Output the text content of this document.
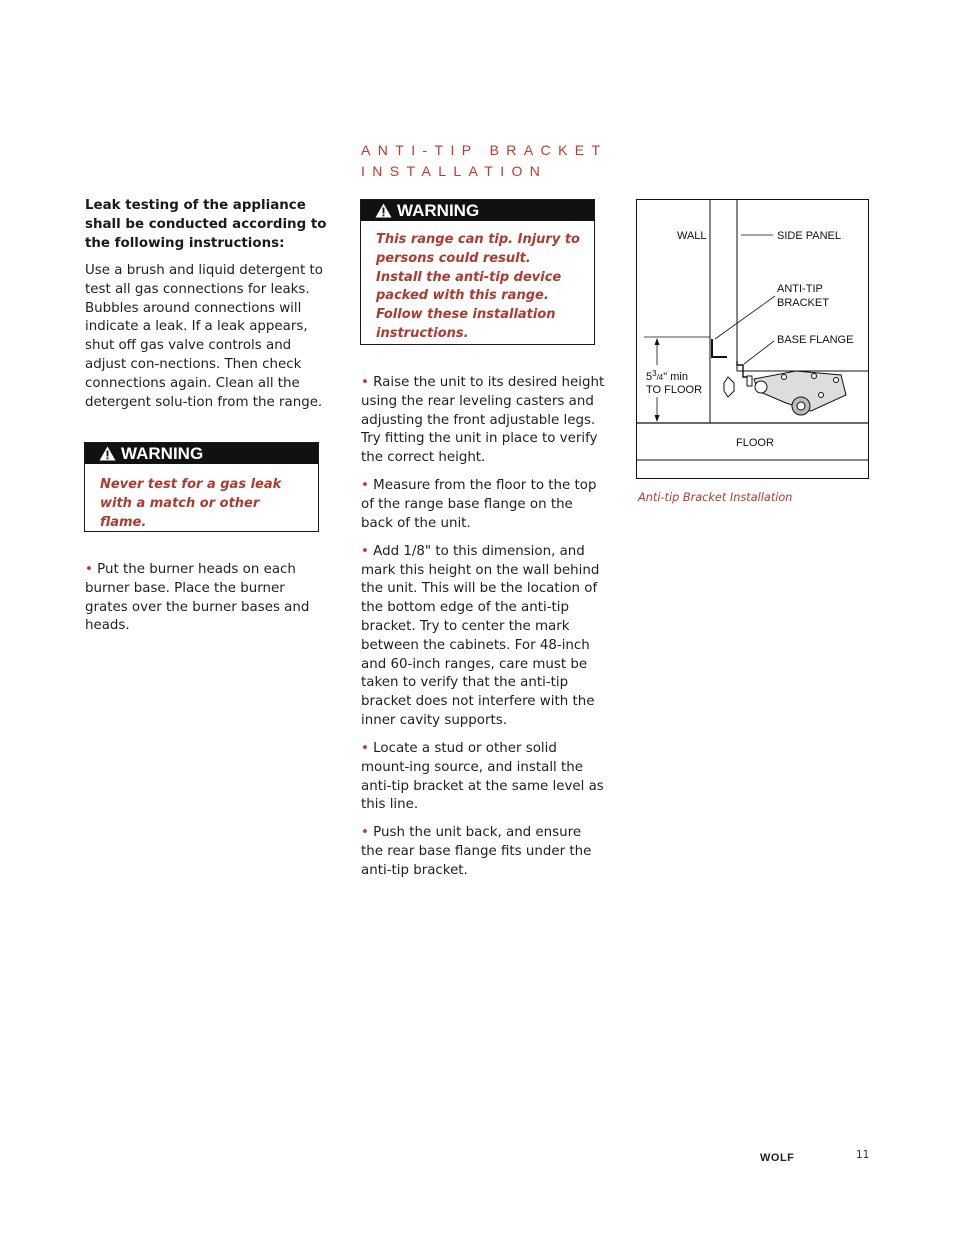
ANTI-TIP BRACKET
INSTALLATION
Leak testing of the appliance shall be conducted according to the following instructions:

Use a brush and liquid detergent to test all gas connections for leaks. Bubbles around connections will indicate a leak. If a leak appears, shut off gas valve controls and adjust con-nections. Then check connections again. Clean all the detergent solu-tion from the range.

WARNING
Never test for a gas leak with a match or other flame.

• Put the burner heads on each burner base. Place the burner grates over the burner bases and heads.

WARNING
This range can tip. Injury to persons could result. Install the anti-tip device packed with this range. Follow these installation instructions.

• Raise the unit to its desired height using the rear leveling casters and adjusting the front adjustable legs. Try fitting the unit in place to verify the correct height.

• Measure from the floor to the top of the range base flange on the back of the unit.

• Add 1/8" to this dimension, and mark this height on the wall behind the unit. This will be the location of the bottom edge of the anti-tip bracket. Try to center the mark between the cabinets. For 48-inch and 60-inch ranges, care must be taken to verify that the anti-tip bracket does not interfere with the inner cavity supports.

• Locate a stud or other solid mount-ing source, and install the anti-tip bracket at the same level as this line.

• Push the unit back, and ensure the rear base flange fits under the anti-tip bracket.

WALL	SIDE PANEL
ANTI-TIP
BRACKET
BASE FLANGE
$5^3_{/4}$" min
TO FLOOR
FLOOR
Anti-tip Bracket Installation
WOLF	11
